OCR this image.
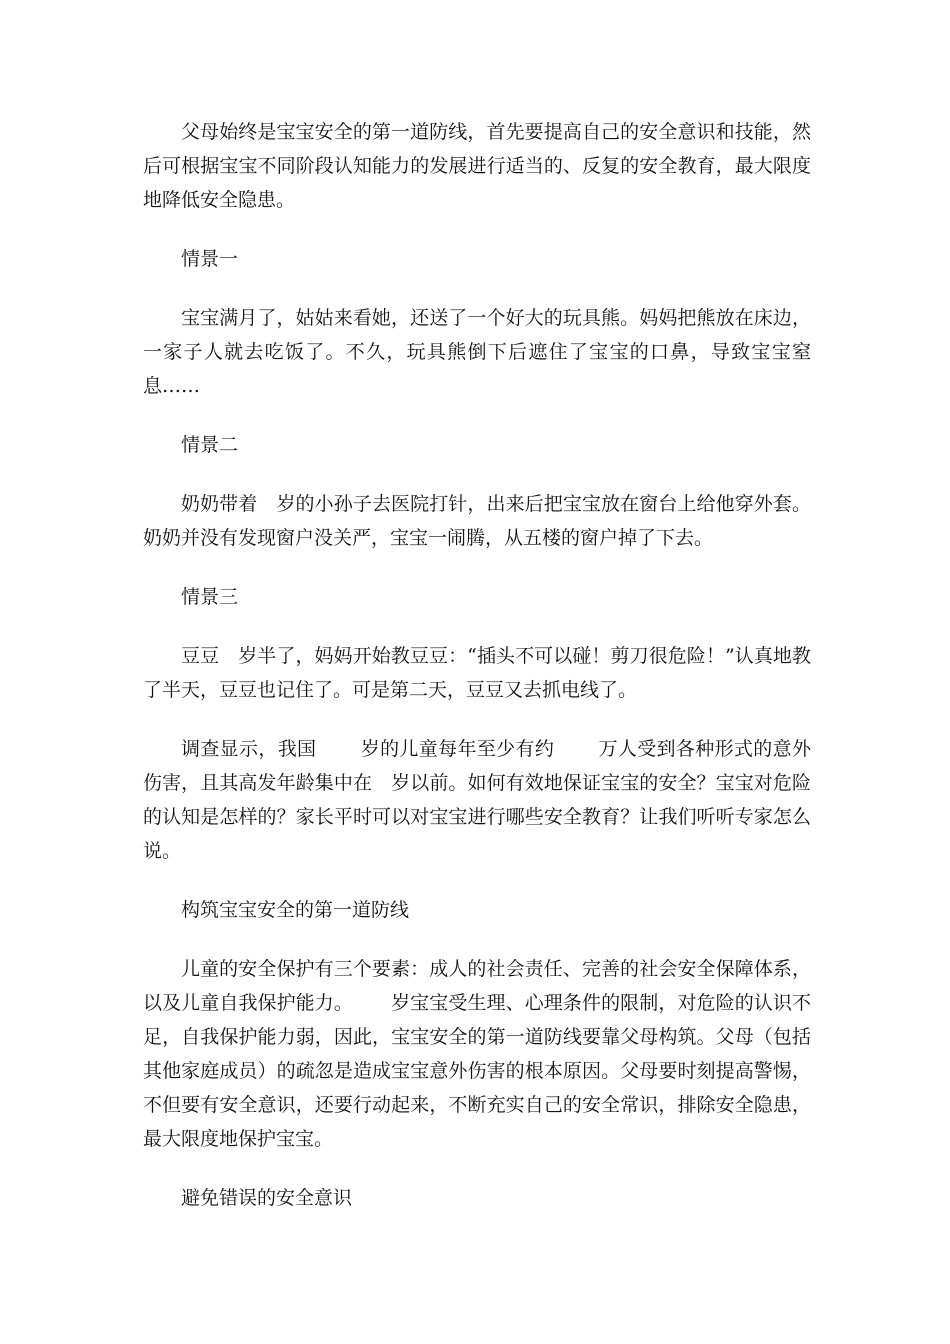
父母始终是宝宝安全的第一道防线，首先要提高自己的安全意识和技能，然后可根据宝宝不同阶段认知能力的发展进行适当的、反复的安全教育，最大限度地降低安全隐患。

情景一

宝宝满月了，姑姑来看她，还送了一个好大的玩具熊。妈妈把熊放在床边，一家子人就去吃饭了。不久，玩具熊倒下后遮住了宝宝的口鼻，导致宝宝窒息……

情景二

奶奶带着 岁的小孙子去医院打针，出来后把宝宝放在窗台上给他穿外套。奶奶并没有发现窗户没关严，宝宝一闹腾，从五楼的窗户掉了下去。

情景三

豆豆 岁半了，妈妈开始教豆豆：“插头不可以碰！剪刀很危险！”认真地教了半天，豆豆也记住了。可是第二天，豆豆又去抓电线了。

调查显示，我国 岁的儿童每年至少有约 万人受到各种形式的意外伤害，且其高发年龄集中在 岁以前。如何有效地保证宝宝的安全？宝宝对危险的认知是怎样的？家长平时可以对宝宝进行哪些安全教育？让我们听听专家怎么说。

构筑宝宝安全的第一道防线

儿童的安全保护有三个要素：成人的社会责任、完善的社会安全保障体系，以及儿童自我保护能力。 岁宝宝受生理、心理条件的限制，对危险的认识不足，自我保护能力弱，因此，宝宝安全的第一道防线要靠父母构筑。父母（包括其他家庭成员）的疏忽是造成宝宝意外伤害的根本原因。父母要时刻提高警惕，不但要有安全意识，还要行动起来，不断充实自己的安全常识，排除安全隐患，最大限度地保护宝宝。

避免错误的安全意识
